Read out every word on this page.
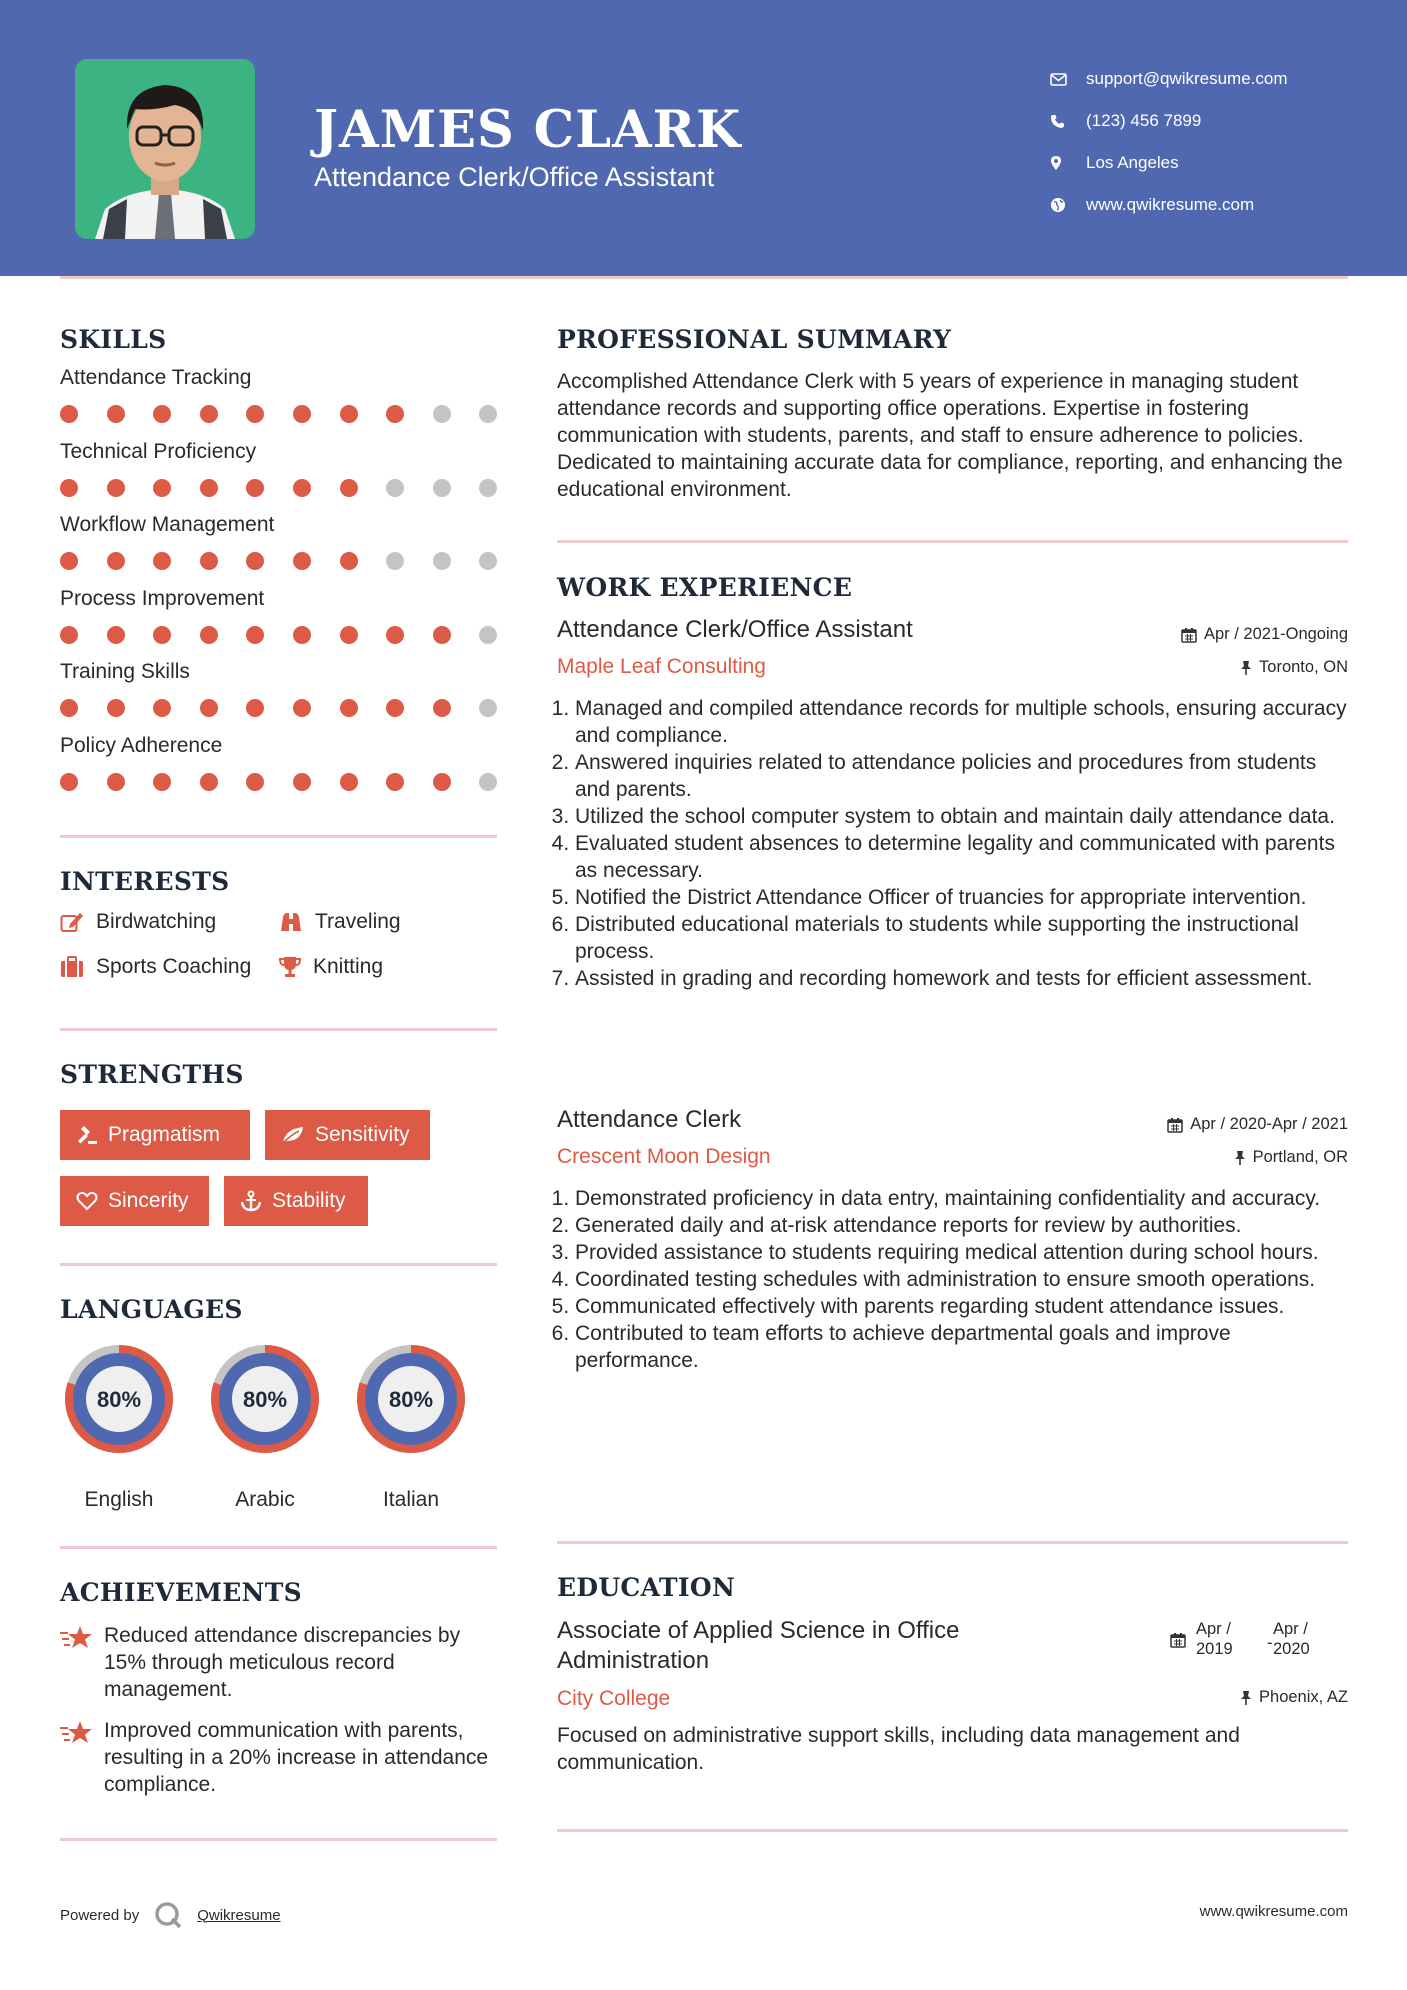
JAMES CLARK
Attendance Clerk/Office Assistant
support@qwikresume.com
(123) 456 7899
Los Angeles
www.qwikresume.com
SKILLS
Attendance Tracking
Technical Proficiency
Workflow Management
Process Improvement
Training Skills
Policy Adherence
INTERESTS
Birdwatching	Traveling
Sports Coaching	Knitting
STRENGTHS
Pragmatism	Sensitivity
Sincerity	Stability
LANGUAGES
80%
English
80%
Arabic
80%
Italian
ACHIEVEMENTS
Reduced attendance discrepancies by 15% through meticulous record management.
Improved communication with parents, resulting in a 20% increase in attendance compliance.
PROFESSIONAL SUMMARY
Accomplished Attendance Clerk with 5 years of experience in managing student attendance records and supporting office operations. Expertise in fostering communication with students, parents, and staff to ensure adherence to policies. Dedicated to maintaining accurate data for compliance, reporting, and enhancing the educational environment.
WORK EXPERIENCE
Attendance Clerk/Office Assistant	Apr / 2021-Ongoing
Maple Leaf Consulting	Toronto, ON
1. Managed and compiled attendance records for multiple schools, ensuring accuracy and compliance.
2. Answered inquiries related to attendance policies and procedures from students and parents.
3. Utilized the school computer system to obtain and maintain daily attendance data.
4. Evaluated student absences to determine legality and communicated with parents as necessary.
5. Notified the District Attendance Officer of truancies for appropriate intervention.
6. Distributed educational materials to students while supporting the instructional process.
7. Assisted in grading and recording homework and tests for efficient assessment.
Attendance Clerk	Apr / 2020-Apr / 2021
Crescent Moon Design	Portland, OR
1. Demonstrated proficiency in data entry, maintaining confidentiality and accuracy.
2. Generated daily and at-risk attendance reports for review by authorities.
3. Provided assistance to students requiring medical attention during school hours.
4. Coordinated testing schedules with administration to ensure smooth operations.
5. Communicated effectively with parents regarding student attendance issues.
6. Contributed to team efforts to achieve departmental goals and improve performance.
EDUCATION
Associate of Applied Science in Office
Administration
Apr /
2019 -
Apr /
2020
City College	Phoenix, AZ
Focused on administrative support skills, including data management and communication.
Powered by	Qwikresume	www.qwikresume.com
